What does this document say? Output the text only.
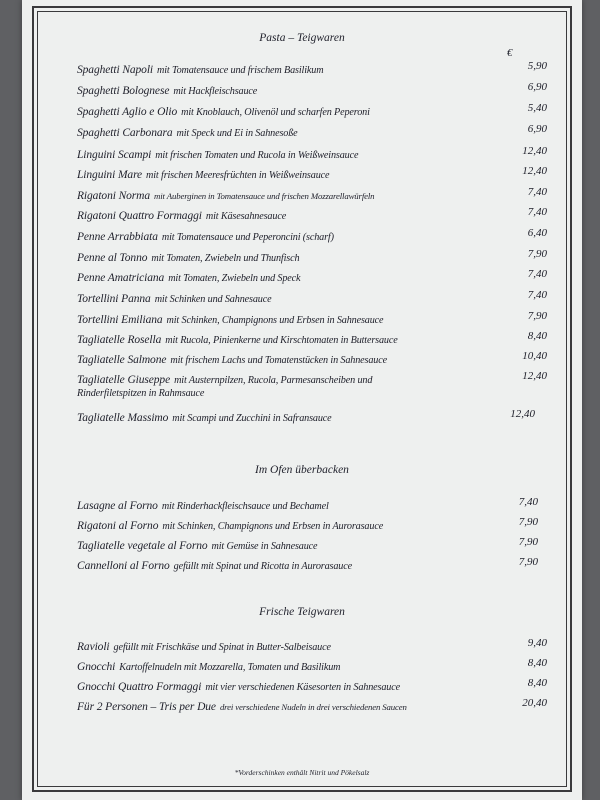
Pasta – Teigwaren
€
Spaghetti Napoli mit Tomatensauce und frischem Basilikum	5,90
Spaghetti Bolognese mit Hackfleischsauce	6,90
Spaghetti Aglio e Olio mit Knoblauch, Olivenöl und scharfen Peperoni	5,40
Spaghetti Carbonara mit Speck und Ei in Sahnesoße	6,90
Linguini Scampi mit frischen Tomaten und Rucola in Weißweinsauce	12,40
Linguini Mare mit frischen Meeresfrüchten in Weißweinsauce	12,40
Rigatoni Norma mit Auberginen in Tomatensauce und frischen Mozzarellawürfeln	7,40
Rigatoni Quattro Formaggi mit Käsesahnesauce	7,40
Penne Arrabbiata mit Tomatensauce und Peperoncini (scharf)	6,40
Penne al Tonno mit Tomaten, Zwiebeln und Thunfisch	7,90
Penne Amatriciana mit Tomaten, Zwiebeln und Speck	7,40
Tortellini Panna mit Schinken und Sahnesauce	7,40
Tortellini Emiliana mit Schinken, Champignons und Erbsen in Sahnesauce	7,90
Tagliatelle Rosella mit Rucola, Pinienkerne und Kirschtomaten in Buttersauce	8,40
Tagliatelle Salmone mit frischem Lachs und Tomatenstücken in Sahnesauce	10,40
Tagliatelle Giuseppe mit Austernpilzen, Rucola, Parmesanscheiben und	12,40
Rinderfiletspitzen in Rahmsauce
Tagliatelle Massimo mit Scampi und Zucchini in Safransauce	12,40
Im Ofen überbacken
Lasagne al Forno mit Rinderhackfleischsauce und Bechamel	7,40
Rigatoni al Forno mit Schinken, Champignons und Erbsen in Aurorasauce	7,90
Tagliatelle vegetale al Forno mit Gemüse in Sahnesauce	7,90
Cannelloni al Forno gefüllt mit Spinat und Ricotta in Aurorasauce	7,90
Frische Teigwaren
Ravioli gefüllt mit Frischkäse und Spinat in Butter-Salbeisauce	9,40
Gnocchi Kartoffelnudeln mit Mozzarella, Tomaten und Basilikum	8,40
Gnocchi Quattro Formaggi mit vier verschiedenen Käsesorten in Sahnesauce	8,40
Für 2 Personen – Tris per Due drei verschiedene Nudeln in drei verschiedenen Saucen	20,40
*Vorderschinken enthält Nitrit und Pökelsalz
